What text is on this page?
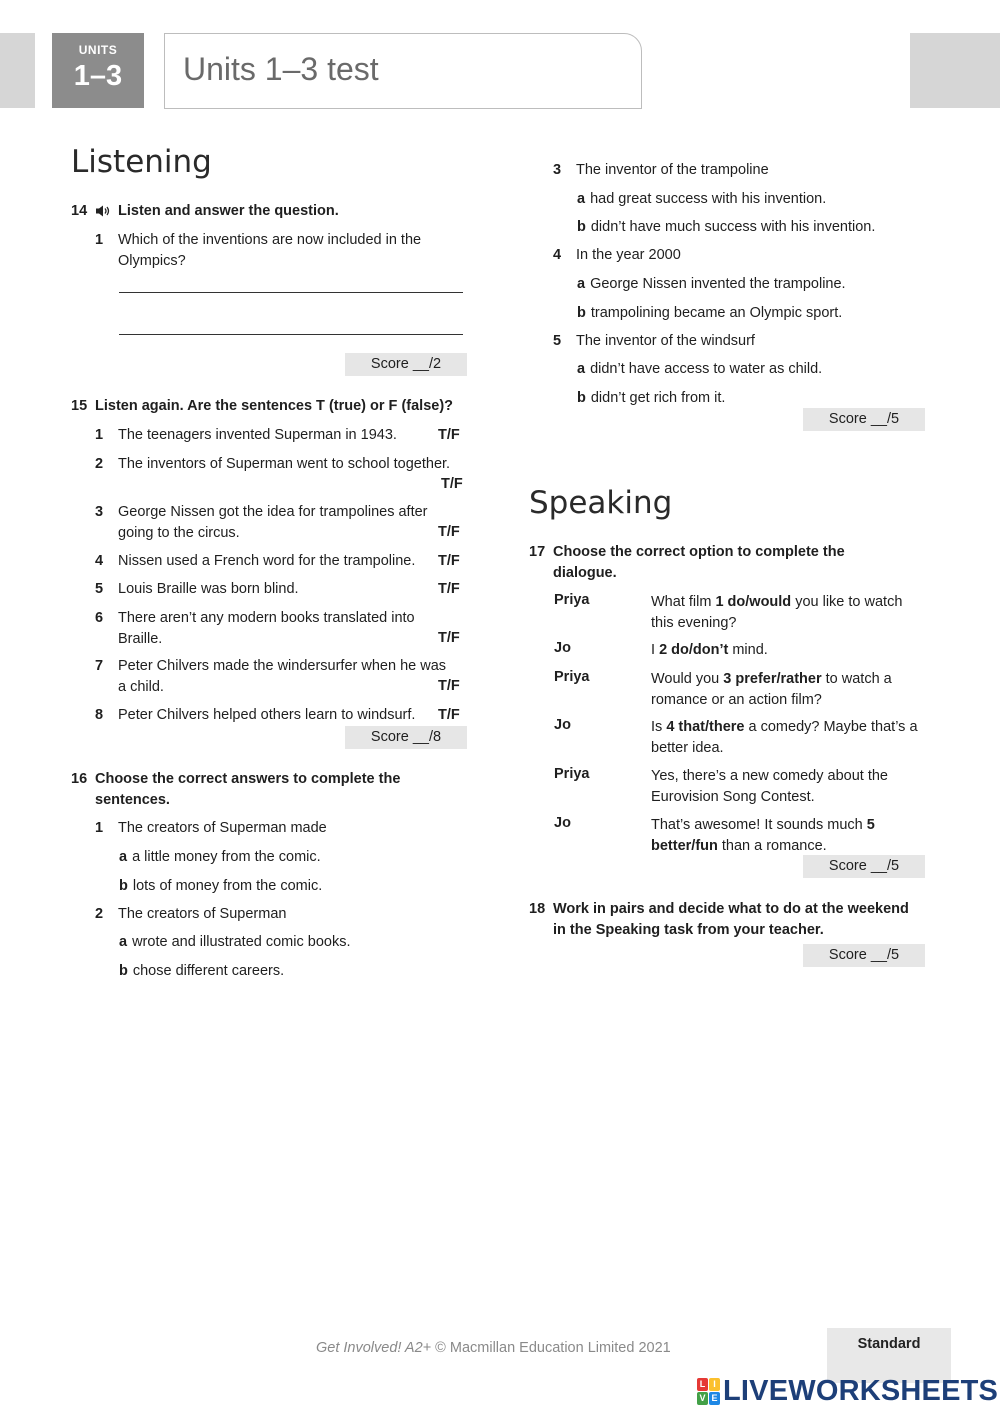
UNITS
1–3	Units 1–3 test
Listening
14 Listen and answer the question.
1 Which of the inventions are now included in the
Olympics?
Score __/2
15 Listen again. Are the sentences T (true) or F (false)?
1 The teenagers invented Superman in 1943.	T/F
2 The inventors of Superman went to school together.
T/F
3 George Nissen got the idea for trampolines after
going to the circus.	T/F
4 Nissen used a French word for the trampoline. T/F
5 Louis Braille was born blind.	T/F
6 There aren’t any modern books translated into
Braille.	T/F
7 Peter Chilvers made the windersurfer when he was
a child.	T/F
8 Peter Chilvers helped others learn to windsurf. T/F
Score __/8
16 Choose the correct answers to complete the
sentences.
1 The creators of Superman made
a a little money from the comic.
b lots of money from the comic.
2 The creators of Superman
a wrote and illustrated comic books.
b chose different careers.
3 The inventor of the trampoline
a had great success with his invention.
b didn’t have much success with his invention.
4 In the year 2000
a George Nissen invented the trampoline.
b trampolining became an Olympic sport.
5 The inventor of the windsurf
a didn’t have access to water as child.
b didn’t get rich from it.
Score __/5
Speaking
17 Choose the correct option to complete the
dialogue.
Priya	What film 1 do/would you like to watch this evening?
Jo	I 2 do/don’t mind.
Priya	Would you 3 prefer/rather to watch a romance or an action film?
Jo	Is 4 that/there a comedy? Maybe that’s a better idea.
Priya	Yes, there’s a new comedy about the Eurovision Song Contest.
Jo	That’s awesome! It sounds much 5 better/fun than a romance.
Score __/5
18 Work in pairs and decide what to do at the weekend
in the Speaking task from your teacher.
Score __/5
Get Involved! A2+ © Macmillan Education Limited 2021	Standard
L I
V E LIVEWORKSHEETS
